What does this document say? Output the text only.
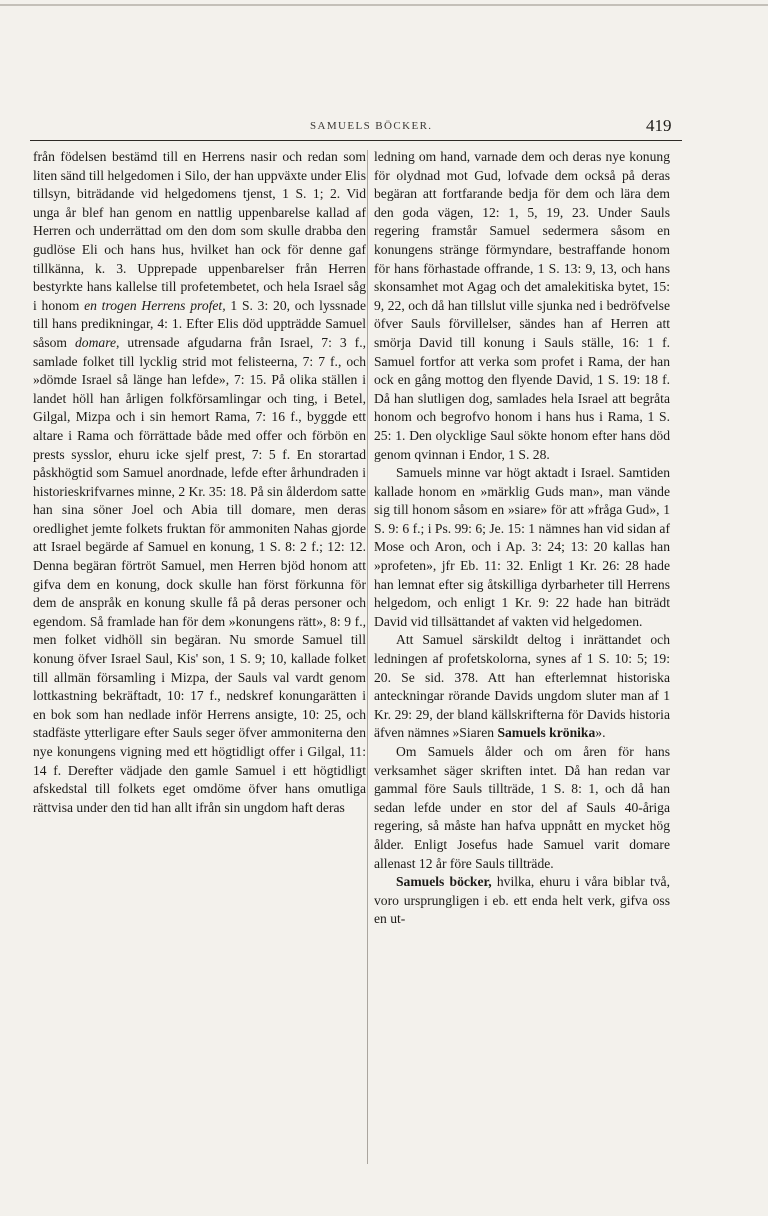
SAMUELS BÖCKER.	419

från födelsen bestämd till en Herrens nasir och redan som liten sänd till helgedomen i Silo, der han uppväxte under Elis tillsyn, biträdande vid helgedomens tjenst, 1 S. 1; 2. Vid unga år blef han genom en nattlig uppenbarelse kallad af Herren och underrättad om den dom som skulle drabba den gudlöse Eli och hans hus, hvilket han ock för denne gaf tillkänna, k. 3. Upprepade uppenbarelser från Herren bestyrkte hans kallelse till profetembetet, och hela Israel såg i honom en trogen Herrens profet, 1 S. 3: 20, och lyssnade till hans predikningar, 4: 1. Efter Elis död uppträdde Samuel såsom domare, utrensade afgudarna från Israel, 7: 3 f., samlade folket till lycklig strid mot felisteerna, 7: 7 f., och »dömde Israel så länge han lefde», 7: 15. På olika ställen i landet höll han årligen folkförsamlingar och ting, i Betel, Gilgal, Mizpa och i sin hemort Rama, 7: 16 f., byggde ett altare i Rama och förrättade både med offer och förbön en prests sysslor, ehuru icke sjelf prest, 7: 5 f. En storartad påskhögtid som Samuel anordnade, lefde efter århundraden i historieskrifvarnes minne, 2 Kr. 35: 18. På sin ålderdom satte han sina söner Joel och Abia till domare, men deras oredlighet jemte folkets fruktan för ammoniten Nahas gjorde att Israel begärde af Samuel en konung, 1 S. 8: 2 f.; 12: 12. Denna begäran förtröt Samuel, men Herren bjöd honom att gifva dem en konung, dock skulle han först förkunna för dem de anspråk en konung skulle få på deras personer och egendom. Så framlade han för dem »konungens rätt», 8: 9 f., men folket vidhöll sin begäran. Nu smorde Samuel till konung öfver Israel Saul, Kis' son, 1 S. 9; 10, kallade folket till allmän församling i Mizpa, der Sauls val vardt genom lottkastning bekräftadt, 10: 17 f., nedskref konungarätten i en bok som han nedlade inför Herrens ansigte, 10: 25, och stadfäste ytterligare efter Sauls seger öfver ammoniterna den nye konungens vigning med ett högtidligt offer i Gilgal, 11: 14 f. Derefter vädjade den gamle Samuel i ett högtidligt afskedstal till folkets eget omdöme öfver hans omutliga rättvisa under den tid han allt ifrån sin ungdom haft deras

ledning om hand, varnade dem och deras nye konung för olydnad mot Gud, lofvade dem också på deras begäran att fortfarande bedja för dem och lära dem den goda vägen, 12: 1, 5, 19, 23. Under Sauls regering framstår Samuel sedermera såsom en konungens stränge förmyndare, bestraffande honom för hans förhastade offrande, 1 S. 13: 9, 13, och hans skonsamhet mot Agag och det amalekitiska bytet, 15: 9, 22, och då han tillslut ville sjunka ned i bedröfvelse öfver Sauls förvillelser, sändes han af Herren att smörja David till konung i Sauls ställe, 16: 1 f. Samuel fortfor att verka som profet i Rama, der han ock en gång mottog den flyende David, 1 S. 19: 18 f. Då han slutligen dog, samlades hela Israel att begråta honom och begrofvo honom i hans hus i Rama, 1 S. 25: 1. Den olycklige Saul sökte honom efter hans död genom qvinnan i Endor, 1 S. 28.

Samuels minne var högt aktadt i Israel. Samtiden kallade honom en »märklig Guds man», man vände sig till honom såsom en »siare» för att »fråga Gud», 1 S. 9: 6 f.; i Ps. 99: 6; Je. 15: 1 nämnes han vid sidan af Mose och Aron, och i Ap. 3: 24; 13: 20 kallas han »profeten», jfr Eb. 11: 32. Enligt 1 Kr. 26: 28 hade han lemnat efter sig åtskilliga dyrbarheter till Herrens helgedom, och enligt 1 Kr. 9: 22 hade han biträdt David vid tillsättandet af vakten vid helgedomen.

Att Samuel särskildt deltog i inrättandet och ledningen af profetskolorna, synes af 1 S. 10: 5; 19: 20. Se sid. 378. Att han efterlemnat historiska anteckningar rörande Davids ungdom sluter man af 1 Kr. 29: 29, der bland källskrifterna för Davids historia äfven nämnes »Siaren Samuels krönika».

Om Samuels ålder och om åren för hans verksamhet säger skriften intet. Då han redan var gammal före Sauls tillträde, 1 S. 8: 1, och då han sedan lefde under en stor del af Sauls 40-åriga regering, så måste han hafva uppnått en mycket hög ålder. Enligt Josefus hade Samuel varit domare allenast 12 år före Sauls tillträde.

Samuels böcker, hvilka, ehuru i våra biblar två, voro ursprungligen i eb. ett enda helt verk, gifva oss en ut-
